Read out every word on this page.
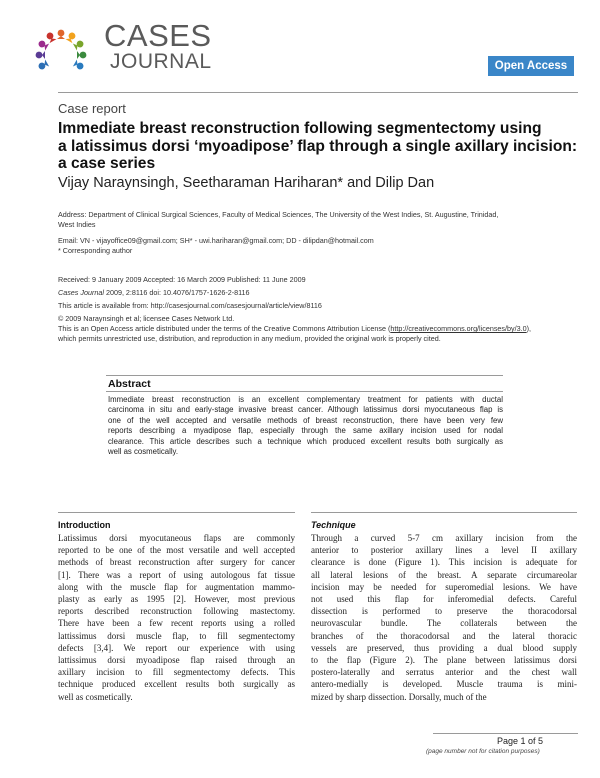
CASES
JOURNAL	Open Access
Case report
Immediate breast reconstruction following segmentectomy using
a latissimus dorsi ‘myoadipose’ flap through a single axillary incision:
a case series
Vijay Naraynsingh, Seetharaman Hariharan* and Dilip Dan
Address: Department of Clinical Surgical Sciences, Faculty of Medical Sciences, The University of the West Indies, St. Augustine, Trinidad,
West Indies
Email: VN - vijayoffice09@gmail.com; SH* - uwi.hariharan@gmail.com; DD - dilipdan@hotmail.com
* Corresponding author
Received: 9 January 2009 Accepted: 16 March 2009 Published: 11 June 2009
Cases Journal 2009, 2:8116 doi: 10.4076/1757-1626-2-8116
This article is available from: http://casesjournal.com/casesjournal/article/view/8116
© 2009 Naraynsingh et al; licensee Cases Network Ltd.
This is an Open Access article distributed under the terms of the Creative Commons Attribution License (http://creativecommons.org/licenses/by/3.0),
which permits unrestricted use, distribution, and reproduction in any medium, provided the original work is properly cited.
Abstract
Immediate breast reconstruction is an excellent complementary treatment for patients with ductal
carcinoma in situ and early-stage invasive breast cancer. Although latissimus dorsi myocutaneous flap is
one of the well accepted and versatile methods of breast reconstruction, there have been very few
reports describing a myadipose flap, especially through the same axillary incision used for nodal
clearance. This article describes such a technique which produced excellent results both surgically as
well as cosmetically.
Introduction	Technique
Latissimus dorsi myocutaneous flaps are commonly
reported to be one of the most versatile and well accepted
methods of breast reconstruction after surgery for cancer
[1]. There was a report of using autologous fat tissue
along with the muscle flap for augmentation mammo-
plasty as early as 1995 [2]. However, most previous
reports described reconstruction following mastectomy.
There have been a few recent reports using a rolled
lattissimus dorsi muscle flap, to fill segmentectomy
defects [3,4]. We report our experience with using
lattissimus dorsi myoadipose flap raised through an
axillary incision to fill segmentectomy defects. This
technique produced excellent results both surgically as
well as cosmetically.
Through a curved 5-7 cm axillary incision from the
anterior to posterior axillary lines a level II axillary
clearance is done (Figure 1). This incision is adequate for
all lateral lesions of the breast. A separate circumareolar
incision may be needed for superomedial lesions. We have
not used this flap for inferomedial defects. Careful
dissection is performed to preserve the thoracodorsal
neurovascular bundle. The collaterals between the
branches of the thoracodorsal and the lateral thoracic
vessels are preserved, thus providing a dual blood supply
to the flap (Figure 2). The plane between latissimus dorsi
postero-laterally and serratus anterior and the chest wall
antero-medially is developed. Muscle trauma is mini-
mized by sharp dissection. Dorsally, much of the
Page 1 of 5
(page number not for citation purposes)
